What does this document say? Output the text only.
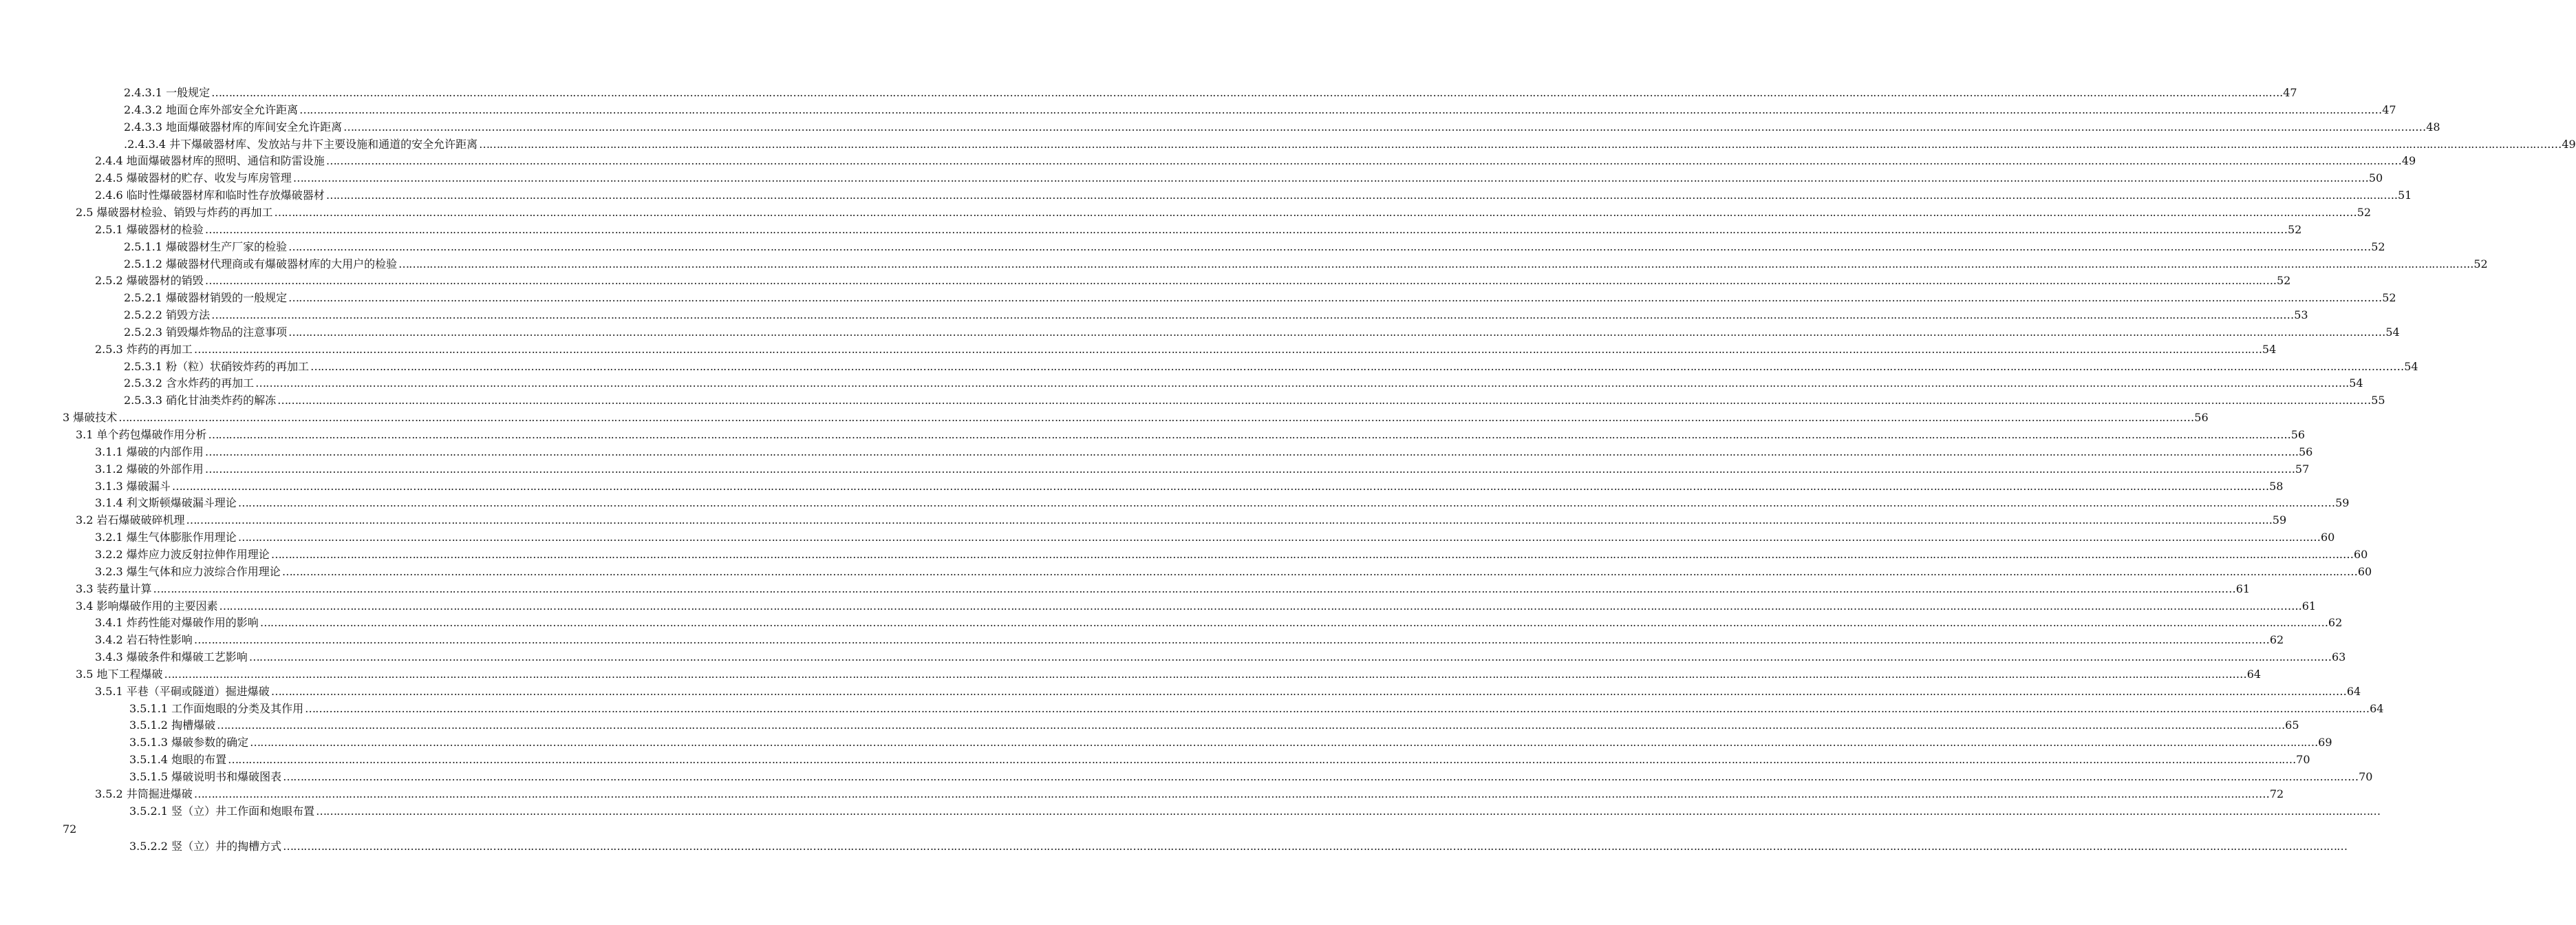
2.4.3.1 一般规定 …………………………………………………………………………………………………………………………………………………………………………………………………………………………………………………………………………………………………………………………………………………………………………………………………………………………………………………………………………………………………………………………………………………… ..47
2.4.3.2 地面仓库外部安全允许距离 …………………………………………………………………………………………………………………………………………………………………………………………………………………………………………………………………………………………………………………………………………………………………………………………………………………………………………………………………………………………………………………………………………………… ..…47
2.4.3.3 地面爆破器材库的库间安全允许距离 …………………………………………………………………………………………………………………………………………………………………………………………………………………………………………………………………………………………………………………………………………………………………………………………………………………………………………………………………………………………………………………………………………………… ..…48
.2.4.3.4 井下爆破器材库、发放站与井下主要设施和通道的安全允许距离 …………………………………………………………………………………………………………………………………………………………………………………………………………………………………………………………………………………………………………………………………………………………………………………………………………………………………………………………………………………………………………………………………………………… ..…49
2.4.4 地面爆破器材库的照明、通信和防雷设施 …………………………………………………………………………………………………………………………………………………………………………………………………………………………………………………………………………………………………………………………………………………………………………………………………………………………………………………………………………………………………………………………………………………… …49
2.4.5 爆破器材的贮存、收发与库房管理 …………………………………………………………………………………………………………………………………………………………………………………………………………………………………………………………………………………………………………………………………………………………………………………………………………………………………………………………………………………………………………………………………………………… …50
2.4.6 临时性爆破器材库和临时性存放爆破器材 …………………………………………………………………………………………………………………………………………………………………………………………………………………………………………………………………………………………………………………………………………………………………………………………………………………………………………………………………………………………………………………………………………………… ..51
2.5 爆破器材检验、销毁与炸药的再加工 …………………………………………………………………………………………………………………………………………………………………………………………………………………………………………………………………………………………………………………………………………………………………………………………………………………………………………………………………………………………………………………………………………………… ..…52
2.5.1 爆破器材的检验 …………………………………………………………………………………………………………………………………………………………………………………………………………………………………………………………………………………………………………………………………………………………………………………………………………………………………………………………………………………………………………………………………………………… ..…52
2.5.1.1 爆破器材生产厂家的检验 …………………………………………………………………………………………………………………………………………………………………………………………………………………………………………………………………………………………………………………………………………………………………………………………………………………………………………………………………………………………………………………………………………………… ..…52
2.5.1.2 爆破器材代理商或有爆破器材库的大用户的检验 …………………………………………………………………………………………………………………………………………………………………………………………………………………………………………………………………………………………………………………………………………………………………………………………………………………………………………………………………………………………………………………………………………………… ...52
2.5.2 爆破器材的销毁 …………………………………………………………………………………………………………………………………………………………………………………………………………………………………………………………………………………………………………………………………………………………………………………………………………………………………………………………………………………………………………………………………………………… ..52
2.5.2.1 爆破器材销毁的一般规定 …………………………………………………………………………………………………………………………………………………………………………………………………………………………………………………………………………………………………………………………………………………………………………………………………………………………………………………………………………………………………………………………………………………… ..……52
2.5.2.2 销毁方法 …………………………………………………………………………………………………………………………………………………………………………………………………………………………………………………………………………………………………………………………………………………………………………………………………………………………………………………………………………………………………………………………………………………… ..…53
2.5.2.3 销毁爆炸物品的注意事项 …………………………………………………………………………………………………………………………………………………………………………………………………………………………………………………………………………………………………………………………………………………………………………………………………………………………………………………………………………………………………………………………………………………… ...……54
2.5.3 炸药的再加工 …………………………………………………………………………………………………………………………………………………………………………………………………………………………………………………………………………………………………………………………………………………………………………………………………………………………………………………………………………………………………………………………………………………… .54
2.5.3.1 粉（粒）状硝铵炸药的再加工 …………………………………………………………………………………………………………………………………………………………………………………………………………………………………………………………………………………………………………………………………………………………………………………………………………………………………………………………………………………………………………………………………………………… ..……54
2.5.3.2 含水炸药的再加工 …………………………………………………………………………………………………………………………………………………………………………………………………………………………………………………………………………………………………………………………………………………………………………………………………………………………………………………………………………………………………………………………………………………… ……..54
2.5.3.3 硝化甘油类炸药的解冻 …………………………………………………………………………………………………………………………………………………………………………………………………………………………………………………………………………………………………………………………………………………………………………………………………………………………………………………………………………………………………………………………………………………… ..……55
3 爆破技术 …………………………………………………………………………………………………………………………………………………………………………………………………………………………………………………………………………………………………………………………………………………………………………………………………………………………………………………………………………………………………………………………………………………… …56
3.1 单个药包爆破作用分析 …………………………………………………………………………………………………………………………………………………………………………………………………………………………………………………………………………………………………………………………………………………………………………………………………………………………………………………………………………………………………………………………………………………… …..56
3.1.1 爆破的内部作用 …………………………………………………………………………………………………………………………………………………………………………………………………………………………………………………………………………………………………………………………………………………………………………………………………………………………………………………………………………………………………………………………………………………… ……..56
3.1.2 爆破的外部作用 …………………………………………………………………………………………………………………………………………………………………………………………………………………………………………………………………………………………………………………………………………………………………………………………………………………………………………………………………………………………………………………………………………………… …….57
3.1.3 爆破漏斗 …………………………………………………………………………………………………………………………………………………………………………………………………………………………………………………………………………………………………………………………………………………………………………………………………………………………………………………………………………………………………………………………………………………… ...……58
3.1.4 利文斯顿爆破漏斗理论 …………………………………………………………………………………………………………………………………………………………………………………………………………………………………………………………………………………………………………………………………………………………………………………………………………………………………………………………………………………………………………………………………………………… ...……59
3.2 岩石爆破破碎机理 …………………………………………………………………………………………………………………………………………………………………………………………………………………………………………………………………………………………………………………………………………………………………………………………………………………………………………………………………………………………………………………………………………………… …...59
3.2.1 爆生气体膨胀作用理论 …………………………………………………………………………………………………………………………………………………………………………………………………………………………………………………………………………………………………………………………………………………………………………………………………………………………………………………………………………………………………………………………………………………… ..…60
3.2.2 爆炸应力波反射拉伸作用理论 …………………………………………………………………………………………………………………………………………………………………………………………………………………………………………………………………………………………………………………………………………………………………………………………………………………………………………………………………………………………………………………………………………………… ..…60
3.2.3 爆生气体和应力波综合作用理论 …………………………………………………………………………………………………………………………………………………………………………………………………………………………………………………………………………………………………………………………………………………………………………………………………………………………………………………………………………………………………………………………………………………… …60
3.3 装药量计算 …………………………………………………………………………………………………………………………………………………………………………………………………………………………………………………………………………………………………………………………………………………………………………………………………………………………………………………………………………………………………………………………………………………… ..…61
3.4 影响爆破作用的主要因素 …………………………………………………………………………………………………………………………………………………………………………………………………………………………………………………………………………………………………………………………………………………………………………………………………………………………………………………………………………………………………………………………………………………… …..61
3.4.1 炸药性能对爆破作用的影响 …………………………………………………………………………………………………………………………………………………………………………………………………………………………………………………………………………………………………………………………………………………………………………………………………………………………………………………………………………………………………………………………………………………… .62
3.4.2 岩石特性影响 …………………………………………………………………………………………………………………………………………………………………………………………………………………………………………………………………………………………………………………………………………………………………………………………………………………………………………………………………………………………………………………………………………………… …62
3.4.3 爆破条件和爆破工艺影响 …………………………………………………………………………………………………………………………………………………………………………………………………………………………………………………………………………………………………………………………………………………………………………………………………………………………………………………………………………………………………………………………………………………… ..…63
3.5 地下工程爆破 …………………………………………………………………………………………………………………………………………………………………………………………………………………………………………………………………………………………………………………………………………………………………………………………………………………………………………………………………………………………………………………………………………………… ..…64
3.5.1 平巷（平硐或隧道）掘进爆破 …………………………………………………………………………………………………………………………………………………………………………………………………………………………………………………………………………………………………………………………………………………………………………………………………………………………………………………………………………………………………………………………………………………… …64
3.5.1.1 工作面炮眼的分类及其作用 …………………………………………………………………………………………………………………………………………………………………………………………………………………………………………………………………………………………………………………………………………………………………………………………………………………………………………………………………………………………………………………………………………………… 64
3.5.1.2 掏槽爆破 …………………………………………………………………………………………………………………………………………………………………………………………………………………………………………………………………………………………………………………………………………………………………………………………………………………………………………………………………………………………………………………………………………………… .65
3.5.1.3 爆破参数的确定 …………………………………………………………………………………………………………………………………………………………………………………………………………………………………………………………………………………………………………………………………………………………………………………………………………………………………………………………………………………………………………………………………………………… .69
3.5.1.4 炮眼的布置 …………………………………………………………………………………………………………………………………………………………………………………………………………………………………………………………………………………………………………………………………………………………………………………………………………………………………………………………………………………………………………………………………………………… .70
3.5.1.5 爆破说明书和爆破图表 …………………………………………………………………………………………………………………………………………………………………………………………………………………………………………………………………………………………………………………………………………………………………………………………………………………………………………………………………………………………………………………………………………………… …70
3.5.2 井筒掘进爆破 …………………………………………………………………………………………………………………………………………………………………………………………………………………………………………………………………………………………………………………………………………………………………………………………………………………………………………………………………………………………………………………………………………………… …72
3.5.2.1 竖（立）井工作面和炮眼布置 ……………………………………………………………………………………………………………………………………………………………………………………………………………………………………………………………………………………………………………………………………………………………………………………………………………………………………………………………………………………………………………………………………………………
3.5.2.2 竖（立）井的掏槽方式 ……………………………………………………………………………………………………………………………………………………………………………………………………………………………………………………………………………………………………………………………………………………………………………………………………………………………………………………………………………………………………………………………………………………
72
